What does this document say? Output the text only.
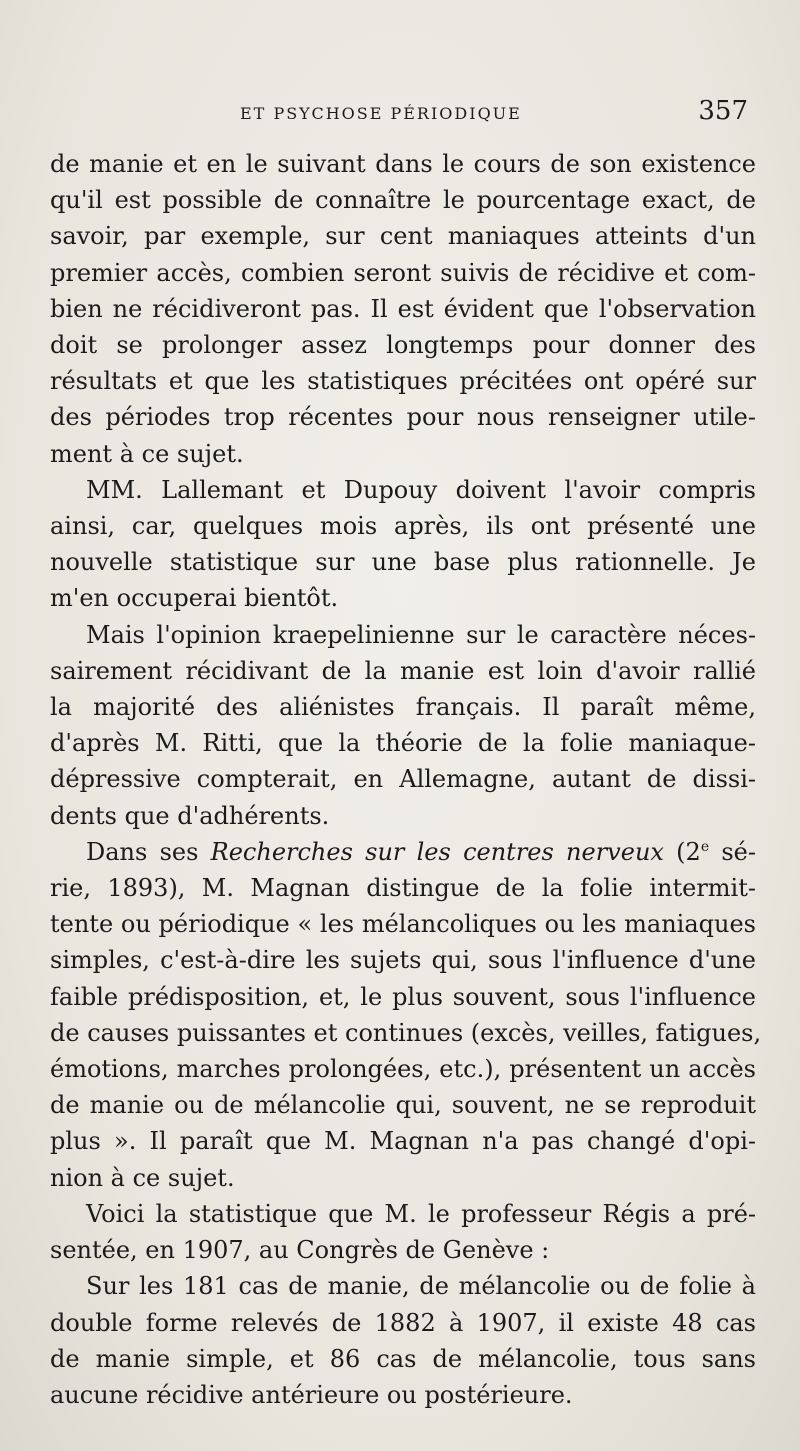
ET PSYCHOSE PÉRIODIQUE	357
de manie et en le suivant dans le cours de son existence
qu'il est possible de connaître le pourcentage exact, de
savoir, par exemple, sur cent maniaques atteints d'un
premier accès, combien seront suivis de récidive et com-
bien ne récidiveront pas. Il est évident que l'observation
doit se prolonger assez longtemps pour donner des
résultats et que les statistiques précitées ont opéré sur
des périodes trop récentes pour nous renseigner utile-
ment à ce sujet.
MM. Lallemant et Dupouy doivent l'avoir compris
ainsi, car, quelques mois après, ils ont présenté une
nouvelle statistique sur une base plus rationnelle. Je
m'en occuperai bientôt.
Mais l'opinion kraepelinienne sur le caractère néces-
sairement récidivant de la manie est loin d'avoir rallié
la majorité des aliénistes français. Il paraît même,
d'après M. Ritti, que la théorie de la folie maniaque-
dépressive compterait, en Allemagne, autant de dissi-
dents que d'adhérents.
Dans ses Recherches sur les centres nerveux (2e sé-
rie, 1893), M. Magnan distingue de la folie intermit-
tente ou périodique « les mélancoliques ou les maniaques
simples, c'est-à-dire les sujets qui, sous l'influence d'une
faible prédisposition, et, le plus souvent, sous l'influence
de causes puissantes et continues (excès, veilles, fatigues,
émotions, marches prolongées, etc.), présentent un accès
de manie ou de mélancolie qui, souvent, ne se reproduit
plus ». Il paraît que M. Magnan n'a pas changé d'opi-
nion à ce sujet.
Voici la statistique que M. le professeur Régis a pré-
sentée, en 1907, au Congrès de Genève :
Sur les 181 cas de manie, de mélancolie ou de folie à
double forme relevés de 1882 à 1907, il existe 48 cas
de manie simple, et 86 cas de mélancolie, tous sans
aucune récidive antérieure ou postérieure.
